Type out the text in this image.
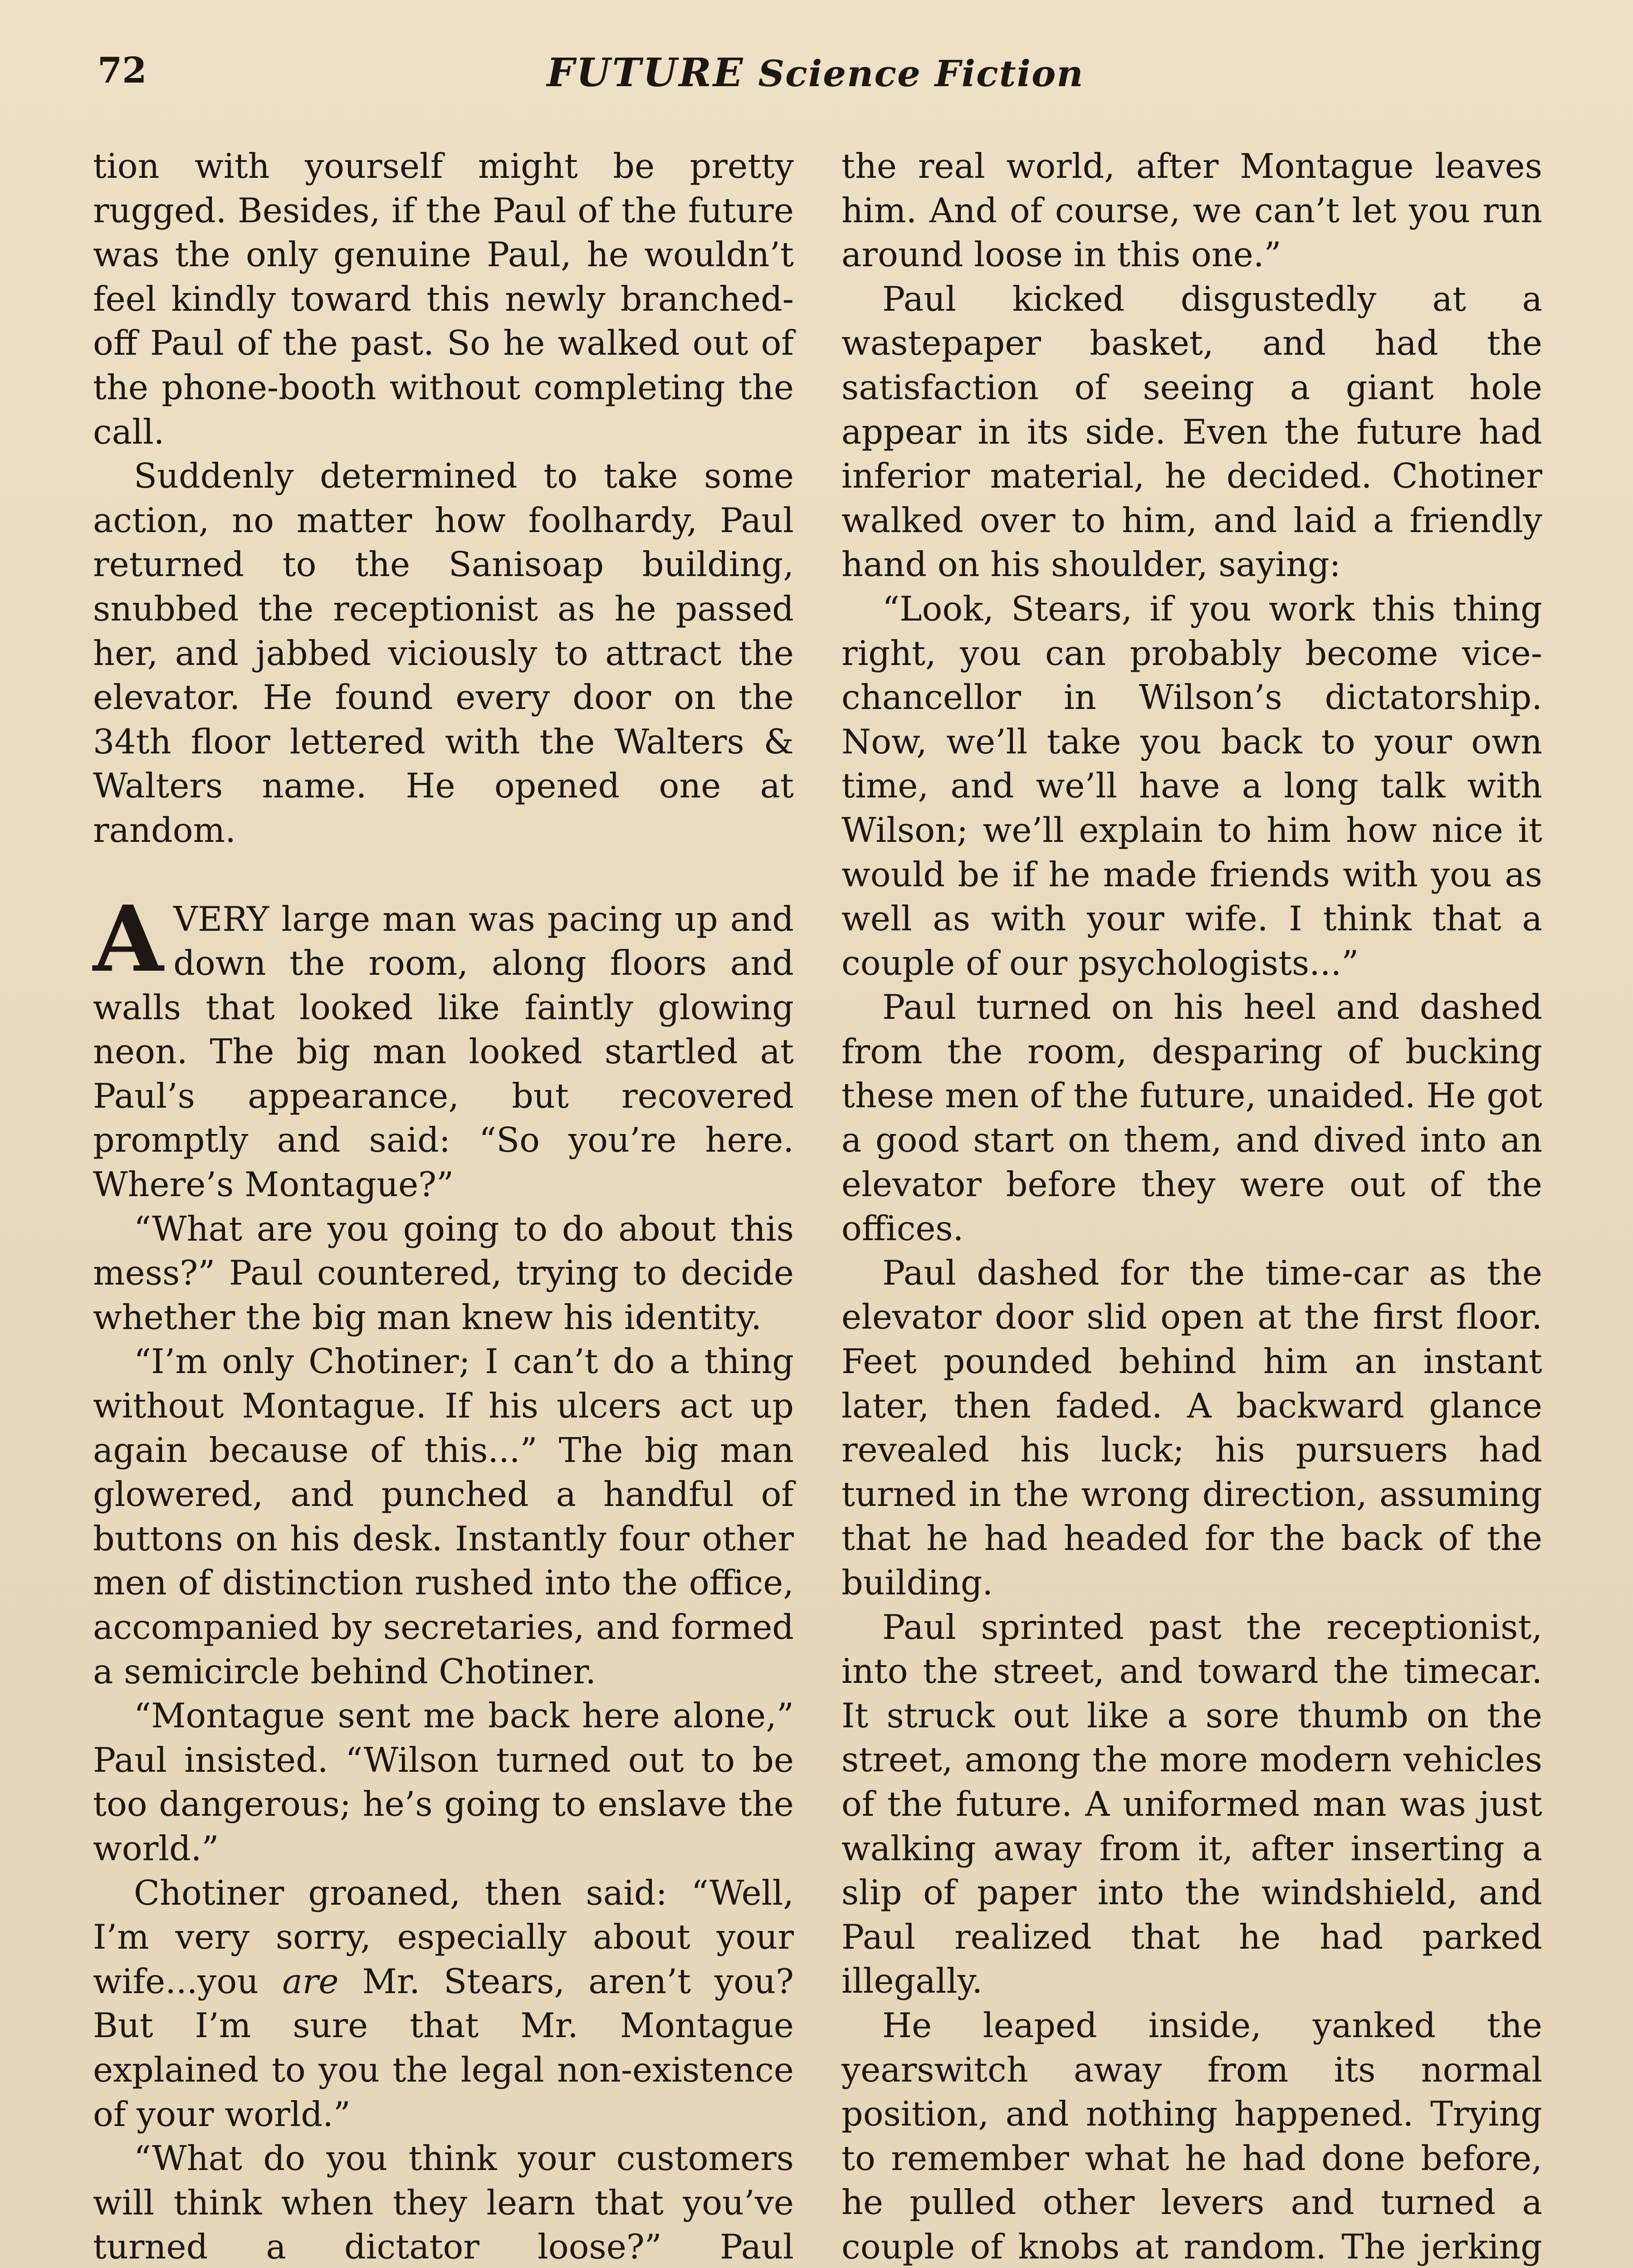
72	FUTURE Science Fiction

tion with yourself might be pretty rugged. Besides, if the Paul of the future was the only genuine Paul, he wouldn’t feel kindly toward this newly branched-off Paul of the past. So he walked out of the phone-booth without completing the call.

Suddenly determined to take some action, no matter how foolhardy, Paul returned to the Sanisoap building, snubbed the receptionist as he passed her, and jabbed viciously to attract the elevator. He found every door on the 34th floor lettered with the Walters & Walters name. He opened one at random.

AVERY large man was pacing up and down the room, along floors and walls that looked like faintly glowing neon. The big man looked startled at Paul’s appearance, but recovered promptly and said: “So you’re here. Where’s Montague?”

“What are you going to do about this mess?” Paul countered, trying to decide whether the big man knew his identity.

“I’m only Chotiner; I can’t do a thing without Montague. If his ulcers act up again because of this...” The big man glowered, and punched a handful of buttons on his desk. Instantly four other men of distinction rushed into the office, accompanied by secretaries, and formed a semicircle behind Chotiner.

“Montague sent me back here alone,” Paul insisted. “Wilson turned out to be too dangerous; he’s going to enslave the world.”

Chotiner groaned, then said: “Well, I’m very sorry, especially about your wife...you are Mr. Stears, aren’t you? But I’m sure that Mr. Montague explained to you the legal non-existence of your world.”

“What do you think your customers will think when they learn that you’ve turned a dictator loose?” Paul

the real world, after Montague leaves him. And of course, we can’t let you run around loose in this one.”

Paul kicked disgustedly at a wastepaper basket, and had the satisfaction of seeing a giant hole appear in its side. Even the future had inferior material, he decided. Chotiner walked over to him, and laid a friendly hand on his shoulder, saying:

“Look, Stears, if you work this thing right, you can probably become vice-chancellor in Wilson’s dictatorship. Now, we’ll take you back to your own time, and we’ll have a long talk with Wilson; we’ll explain to him how nice it would be if he made friends with you as well as with your wife. I think that a couple of our psychologists...”

Paul turned on his heel and dashed from the room, desparing of bucking these men of the future, unaided. He got a good start on them, and dived into an elevator before they were out of the offices.

Paul dashed for the time-car as the elevator door slid open at the first floor. Feet pounded behind him an instant later, then faded. A backward glance revealed his luck; his pursuers had turned in the wrong direction, assuming that he had headed for the back of the building.

Paul sprinted past the receptionist, into the street, and toward the timecar. It struck out like a sore thumb on the street, among the more modern vehicles of the future. A uniformed man was just walking away from it, after inserting a slip of paper into the windshield, and Paul realized that he had parked illegally.

He leaped inside, yanked the yearswitch away from its normal position, and nothing happened. Trying to remember what he had done before, he pulled other levers and turned a couple of knobs at random. The jerking
